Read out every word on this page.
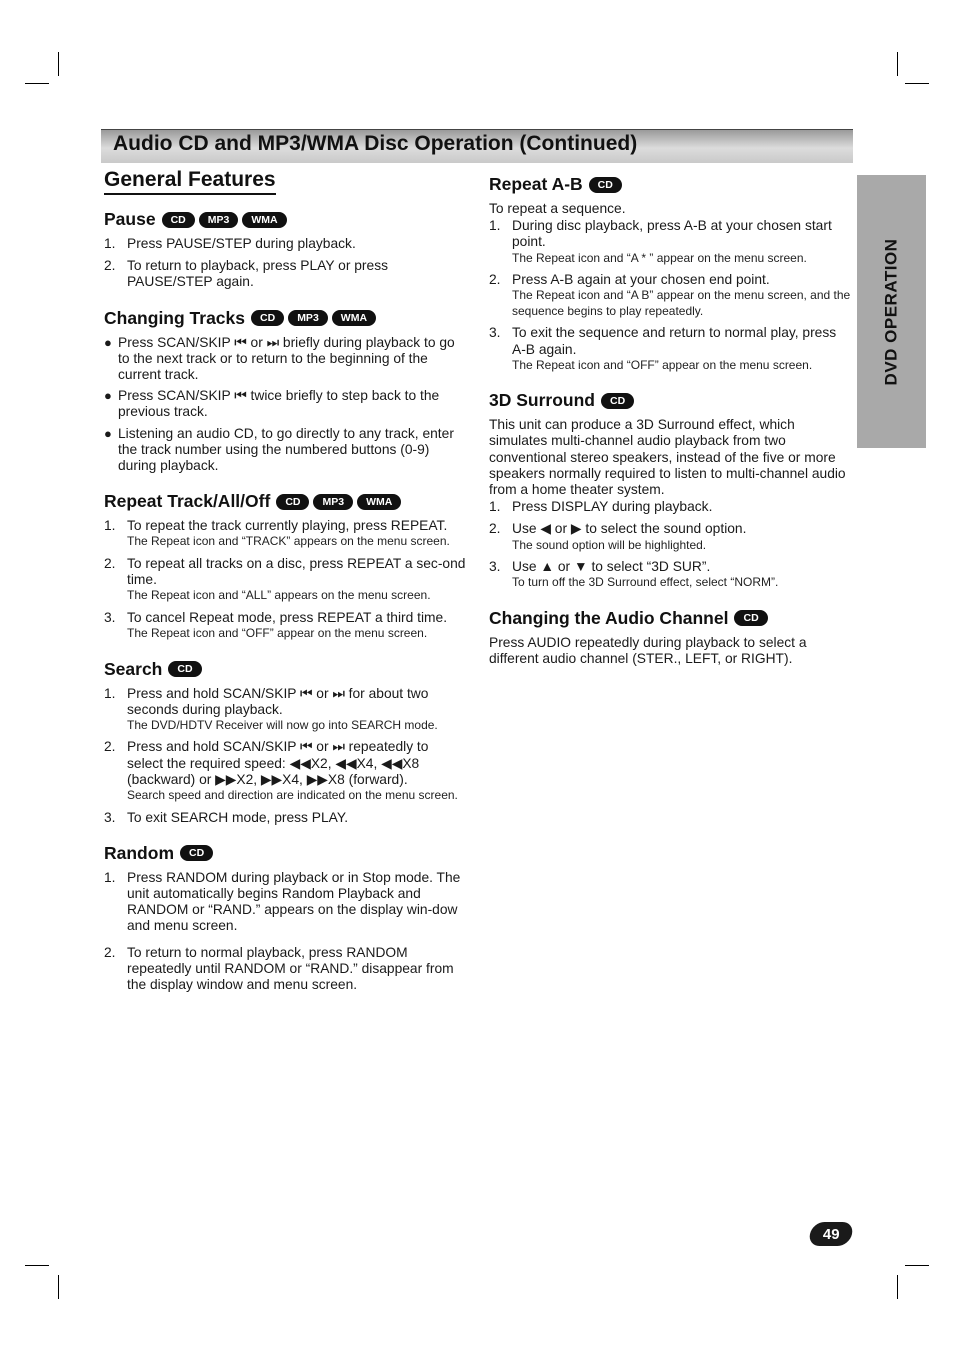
Audio CD and MP3/WMA Disc Operation (Continued)
DVD OPERATION
General Features
Pause	CD	MP3	WMA
1. Press PAUSE/STEP during playback.
2. To return to playback, press PLAY or press PAUSE/STEP again.
Changing Tracks	CD	MP3	WMA
● Press SCAN/SKIP ⏮ or ⏭ briefly during playback to go to the next track or to return to the beginning of the current track.
● Press SCAN/SKIP ⏮ twice briefly to step back to the previous track.
● Listening an audio CD, to go directly to any track, enter the track number using the numbered buttons (0-9) during playback.
Repeat Track/All/Off	CD	MP3	WMA
1. To repeat the track currently playing, press REPEAT.
The Repeat icon and “TRACK” appears on the menu screen.
2. To repeat all tracks on a disc, press REPEAT a sec-ond time.
The Repeat icon and “ALL” appears on the menu screen.
3. To cancel Repeat mode, press REPEAT a third time.
The Repeat icon and “OFF” appear on the menu screen.
Search	CD
1. Press and hold SCAN/SKIP ⏮ or ⏭ for about two seconds during playback.
The DVD/HDTV Receiver will now go into SEARCH mode.
2. Press and hold SCAN/SKIP ⏮ or ⏭ repeatedly to select the required speed: ◀◀X2, ◀◀X4, ◀◀X8 (backward) or ▶▶X2, ▶▶X4, ▶▶X8 (forward).
Search speed and direction are indicated on the menu screen.
3. To exit SEARCH mode, press PLAY.
Random	CD
1. Press RANDOM during playback or in Stop mode. The unit automatically begins Random Playback and RANDOM or “RAND.” appears on the display win-dow and menu screen.
2. To return to normal playback, press RANDOM repeatedly until RANDOM or “RAND.” disappear from the display window and menu screen.
Repeat A-B	CD

To repeat a sequence.

1. During disc playback, press A-B at your chosen start point.
The Repeat icon and “A * ” appear on the menu screen.
2. Press A-B again at your chosen end point.
The Repeat icon and “A B” appear on the menu screen, and the sequence begins to play repeatedly.
3. To exit the sequence and return to normal play, press A-B again.
The Repeat icon and “OFF” appear on the menu screen.
3D Surround	CD

This unit can produce a 3D Surround effect, which simulates multi-channel audio playback from two conventional stereo speakers, instead of the five or more speakers normally required to listen to multi-channel audio from a home theater system.

1. Press DISPLAY during playback.
2. Use ◀ or ▶ to select the sound option.
The sound option will be highlighted.
3. Use ▲ or ▼ to select “3D SUR”.
To turn off the 3D Surround effect, select “NORM”.
Changing the Audio Channel	CD

Press AUDIO repeatedly during playback to select a different audio channel (STER., LEFT, or RIGHT).

49
